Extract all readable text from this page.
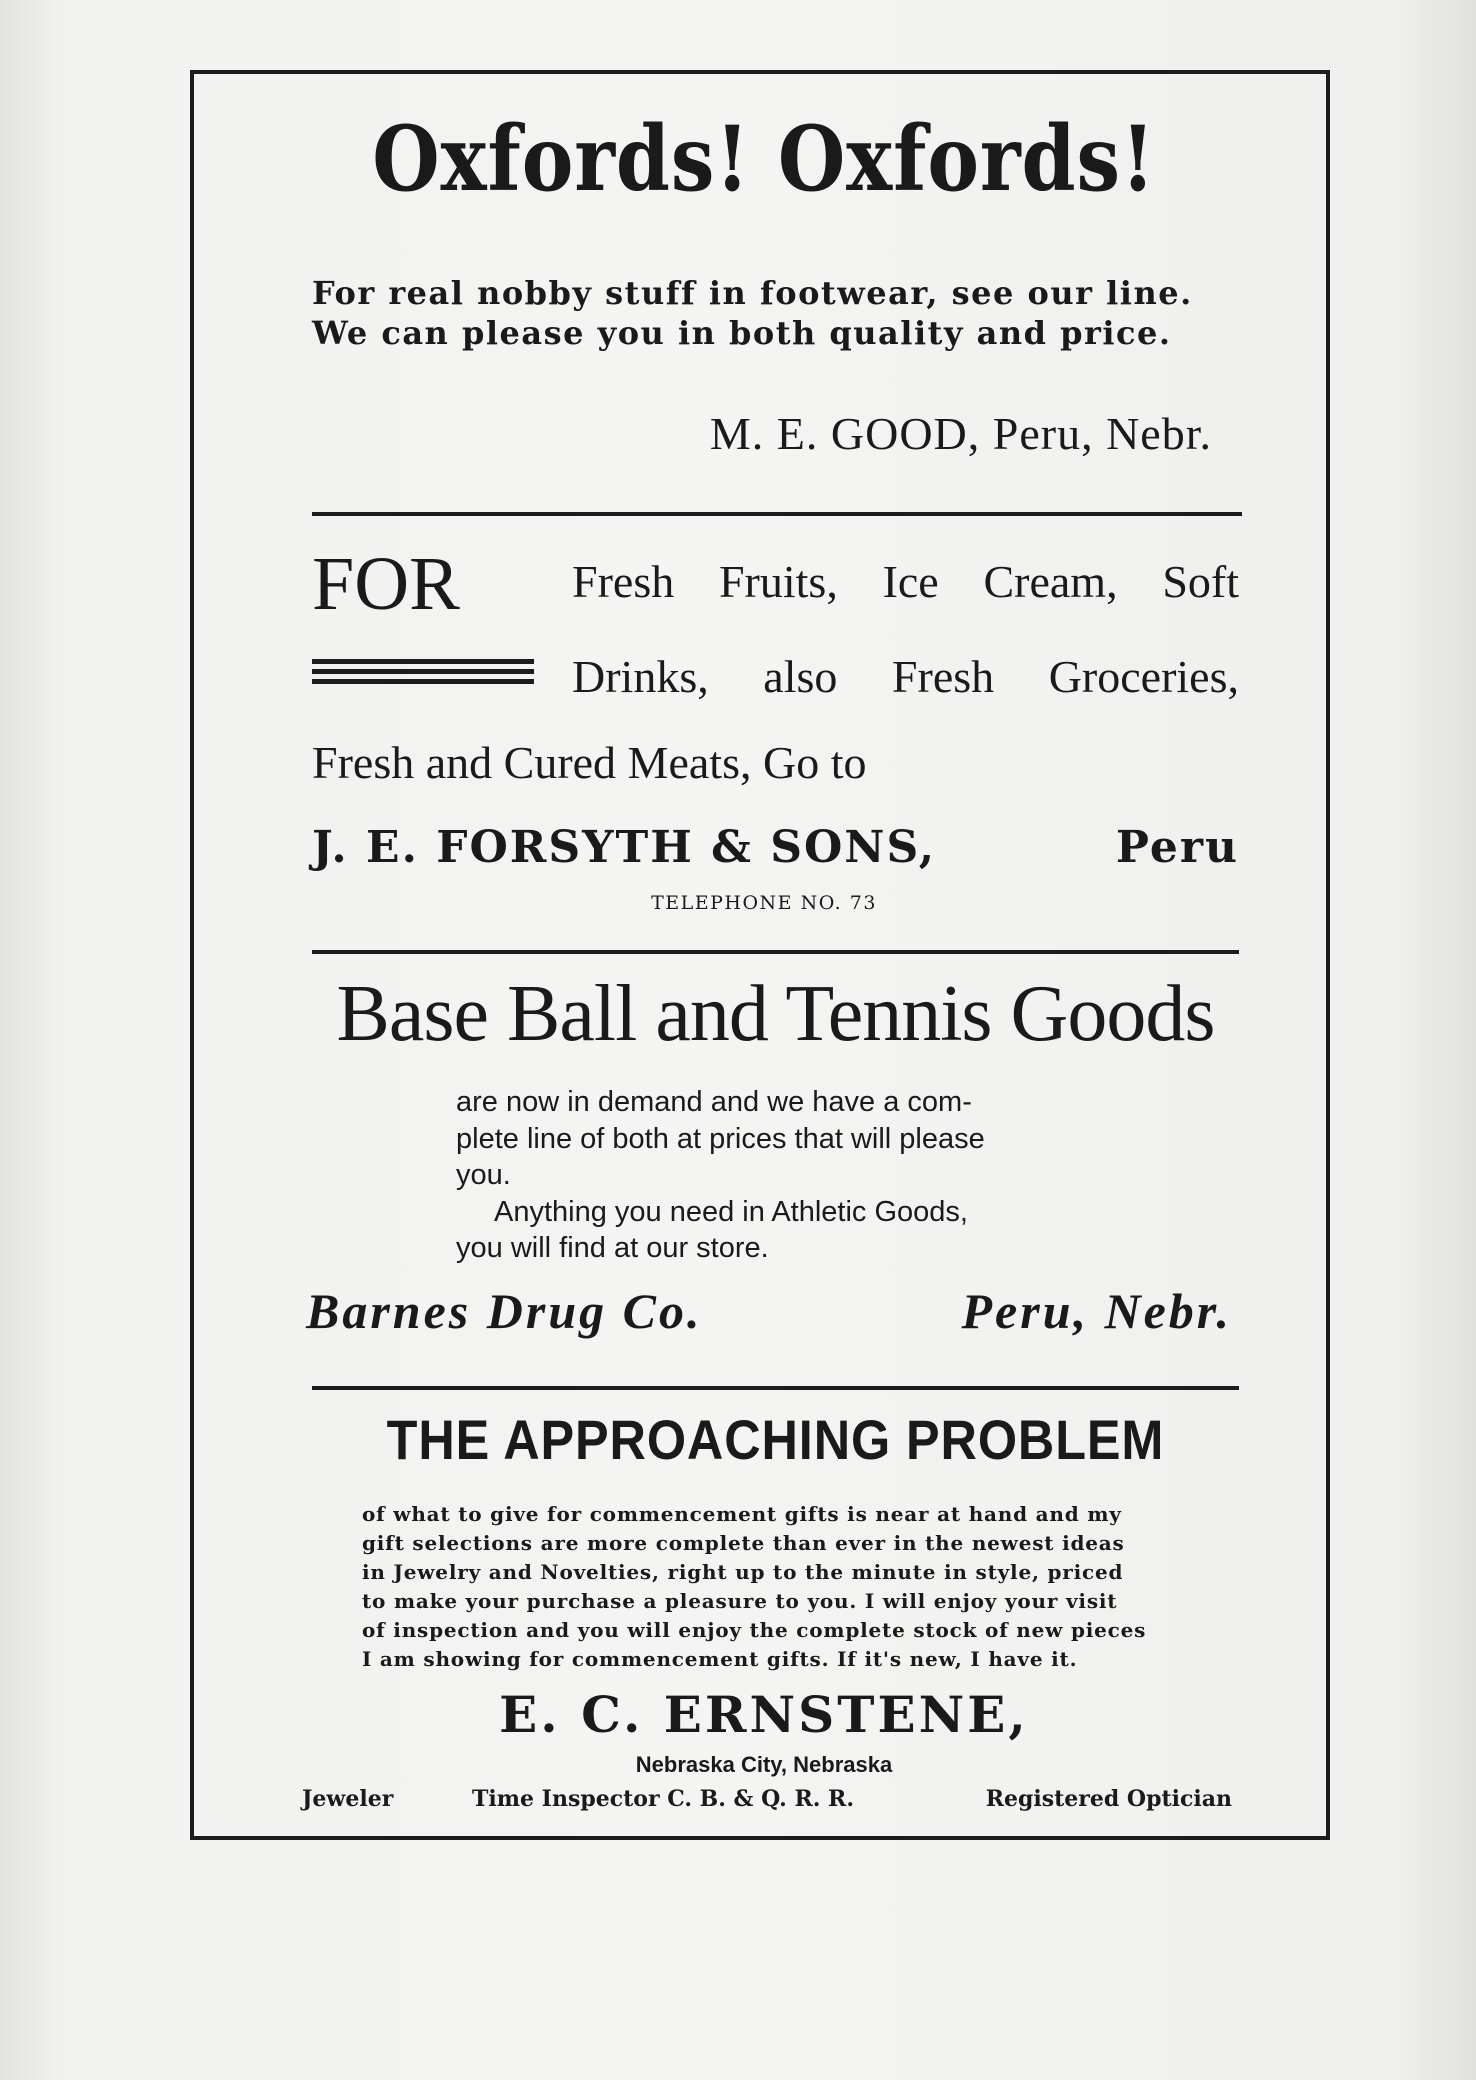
Oxfords! Oxfords!
For real nobby stuff in footwear, see our line.
We can please you in both quality and price.
M. E. GOOD, Peru, Nebr.
FOR Fresh Fruits, Ice Cream, Soft
Drinks, also Fresh Groceries,
Fresh and Cured Meats, Go to
J. E. FORSYTH & SONS,	Peru
TELEPHONE NO. 73
Base Ball and Tennis Goods
are now in demand and we have a com-
plete line of both at prices that will please
you.
Anything you need in Athletic Goods,
you will find at our store.
Barnes Drug Co.	Peru, Nebr.
THE APPROACHING PROBLEM
of what to give for commencement gifts is near at hand and my
gift selections are more complete than ever in the newest ideas
in Jewelry and Novelties, right up to the minute in style, priced
to make your purchase a pleasure to you. I will enjoy your visit
of inspection and you will enjoy the complete stock of new pieces
I am showing for commencement gifts. If it's new, I have it.
E. C. ERNSTENE,
Nebraska City, Nebraska
Jeweler	Time Inspector C. B. & Q. R. R.	Registered Optician
